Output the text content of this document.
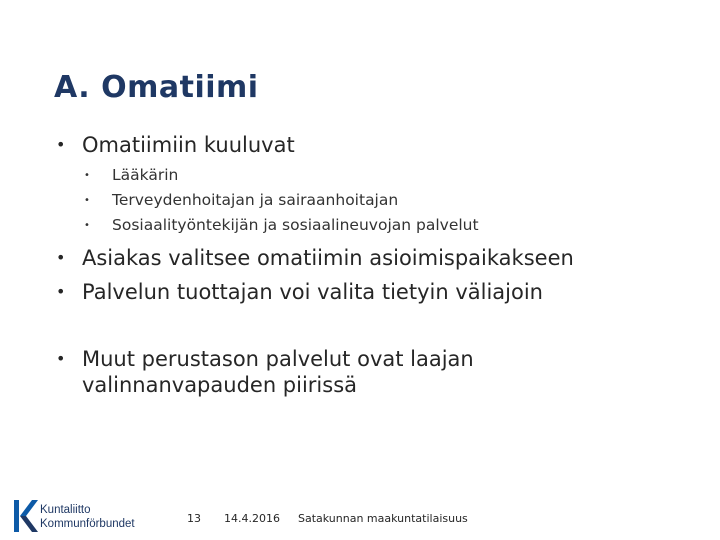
A. Omatiimi
• Omatiimiin kuuluvat
•	Lääkärin
•	Terveydenhoitajan ja sairaanhoitajan
•	Sosiaalityöntekijän ja sosiaalineuvojan palvelut
• Asiakas valitsee omatiimin asioimispaikakseen
• Palvelun tuottajan voi valita tietyin väliajoin
• Muut perustason palvelut ovat laajan
valinnanvapauden piirissä
Kuntaliitto
Kommunförbundet	13 14.4.2016 Satakunnan maakuntatilaisuus
